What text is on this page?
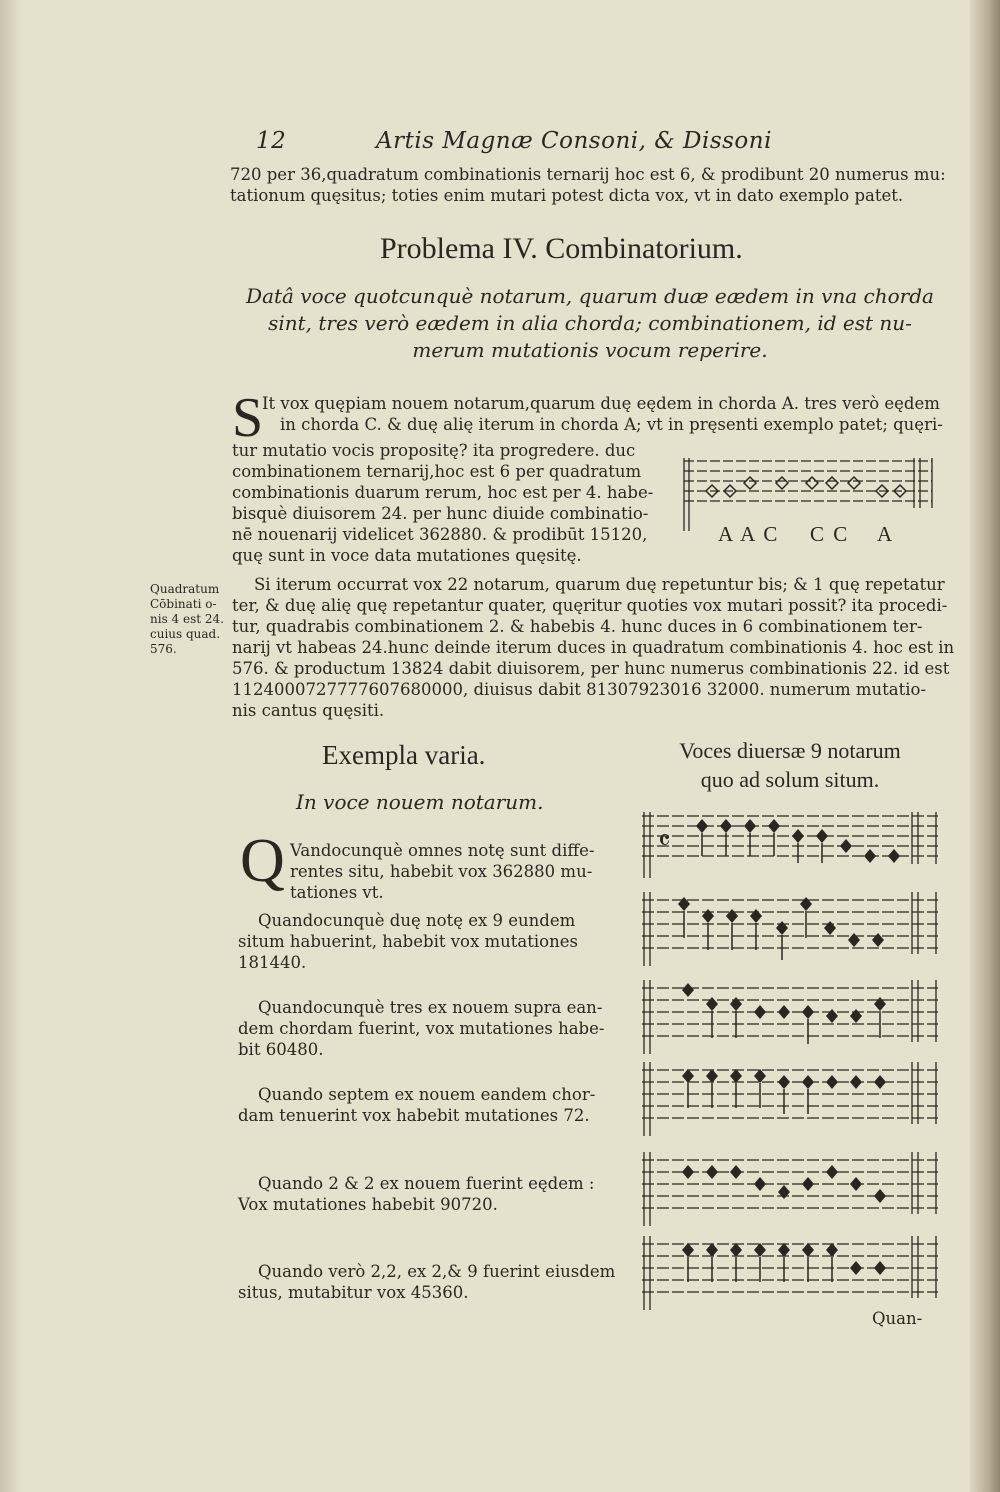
12	Artis Magnæ Consoni, & Dissoni
720 per 36,quadratum combinationis ternarij hoc est 6, & prodibunt 20 numerus mu:
tationum quęsitus; toties enim mutari potest dicta vox, vt in dato exemplo patet.
Problema IV. Combinatorium.
Datâ voce quotcunquè notarum, quarum duæ eædem in vna chorda
sint, tres verò eædem in alia chorda; combinationem, id est nu-
merum mutationis vocum reperire.
S
It vox quępiam nouem notarum,quarum duę eędem in chorda A. tres verò eędem
in chorda C. & duę alię iterum in chorda A; vt in pręsenti exemplo patet; quęri-
tur mutatio vocis propositę? ita progredere. duc
combinationem ternarij,hoc est 6 per quadratum
combinationis duarum rerum, hoc est per 4. habe-
bisquè diuisorem 24. per hunc diuide combinatio-
nē nouenarij videlicet 362880. & prodibūt 15120,
quę sunt in voce data mutationes quęsitę.
A A C C C A
Quadratum
Cōbinati o-
nis 4 est 24.
cuius quad.
576.
Si iterum occurrat vox 22 notarum, quarum duę repetuntur bis; & 1 quę repetatur
ter, & duę alię quę repetantur quater, quęritur quoties vox mutari possit? ita procedi-
tur, quadrabis combinationem 2. & habebis 4. hunc duces in 6 combinationem ter-
narij vt habeas 24.hunc deinde iterum duces in quadratum combinationis 4. hoc est in
576. & productum 13824 dabit diuisorem, per hunc numerus combinationis 22. id est
1124000727777607680000, diuisus dabit 81307923016 32000. numerum mutatio-
nis cantus quęsiti.
Exempla varia.
In voce nouem notarum.
Voces diuersæ 9 notarum
quo ad solum situm.
Q Vandocunquè omnes notę sunt diffe-
rentes situ, habebit vox 362880 mu-
tationes vt.
Quandocunquè duę notę ex 9 eundem
situm habuerint, habebit vox mutationes
181440.
Quandocunquè tres ex nouem supra ean-
dem chordam fuerint, vox mutationes habe-
bit 60480.
Quando septem ex nouem eandem chor-
dam tenuerint vox habebit mutationes 72.
Quando 2 & 2 ex nouem fuerint eędem :
Vox mutationes habebit 90720.
Quando verò 2,2, ex 2,& 9 fuerint eiusdem
situs, mutabitur vox 45360.
𝄴
Quan-
